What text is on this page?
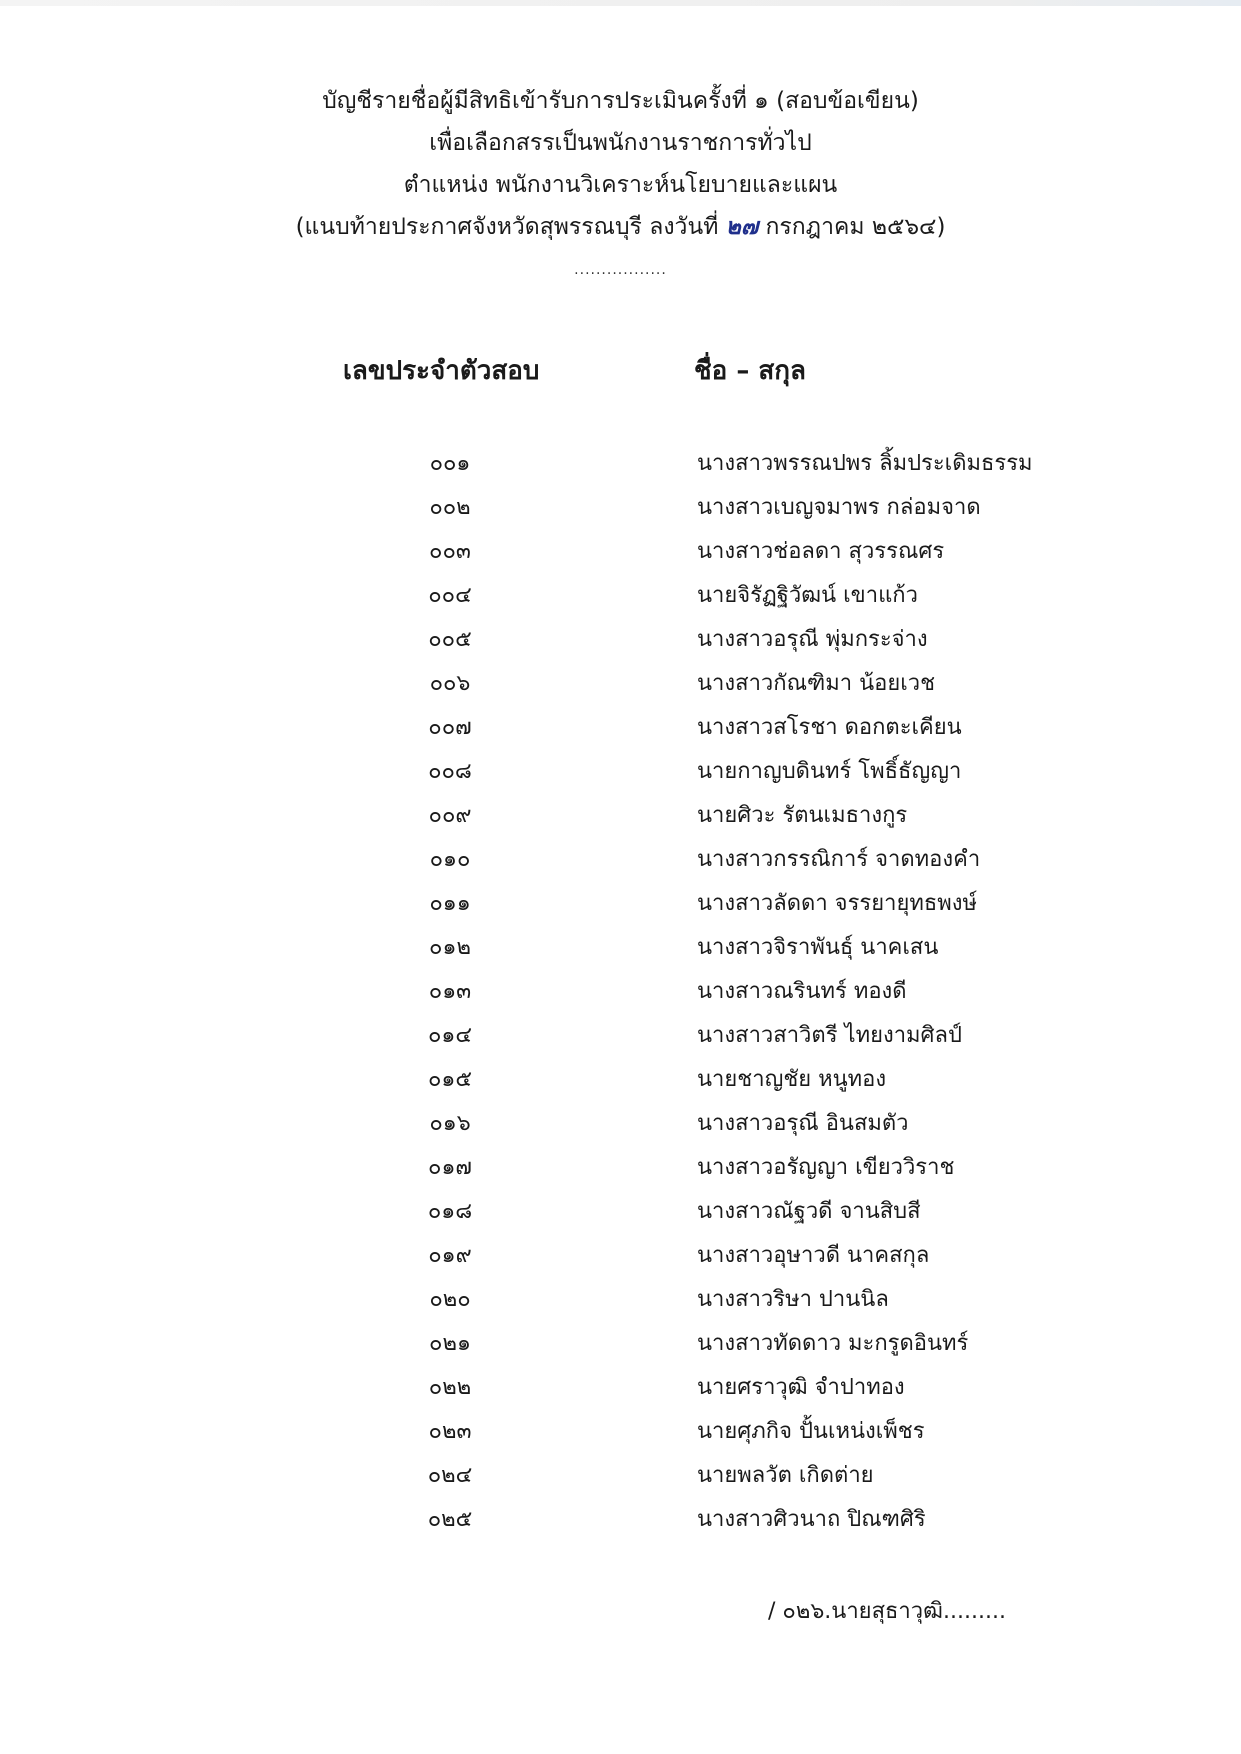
บัญชีรายชื่อผู้มีสิทธิเข้ารับการประเมินครั้งที่ ๑ (สอบข้อเขียน)
เพื่อเลือกสรรเป็นพนักงานราชการทั่วไป
ตำแหน่ง พนักงานวิเคราะห์นโยบายและแผน
(แนบท้ายประกาศจังหวัดสุพรรณบุรี ลงวันที่ ๒๗ กรกฎาคม ๒๕๖๔)
.................
เลขประจำตัวสอบ	ชื่อ – สกุล
๐๐๑	นางสาวพรรณปพร ลิ้มประเดิมธรรม
๐๐๒	นางสาวเบญจมาพร กล่อมจาด
๐๐๓	นางสาวช่อลดา สุวรรณศร
๐๐๔	นายจิรัฏฐิวัฒน์ เขาแก้ว
๐๐๕	นางสาวอรุณี พุ่มกระจ่าง
๐๐๖	นางสาวกัณฑิมา น้อยเวช
๐๐๗	นางสาวสโรชา ดอกตะเคียน
๐๐๘	นายกาญบดินทร์ โพธิ์ธัญญา
๐๐๙	นายศิวะ รัตนเมธางกูร
๐๑๐	นางสาวกรรณิการ์ จาดทองคำ
๐๑๑	นางสาวลัดดา จรรยายุทธพงษ์
๐๑๒	นางสาวจิราพันธุ์ นาคเสน
๐๑๓	นางสาวณรินทร์ ทองดี
๐๑๔	นางสาวสาวิตรี ไทยงามศิลป์
๐๑๕	นายชาญชัย หนูทอง
๐๑๖	นางสาวอรุณี อินสมตัว
๐๑๗	นางสาวอรัญญา เขียววิราช
๐๑๘	นางสาวณัฐวดี จานสิบสี
๐๑๙	นางสาวอุษาวดี นาคสกุล
๐๒๐	นางสาวริษา ปานนิล
๐๒๑	นางสาวทัดดาว มะกรูดอินทร์
๐๒๒	นายศราวุฒิ จำปาทอง
๐๒๓	นายศุภกิจ ปั้นเหน่งเพ็ชร
๐๒๔	นายพลวัต เกิดต่าย
๐๒๕	นางสาวศิวนาถ ปิณฑศิริ
/ ๐๒๖.นายสุธาวุฒิ.........
